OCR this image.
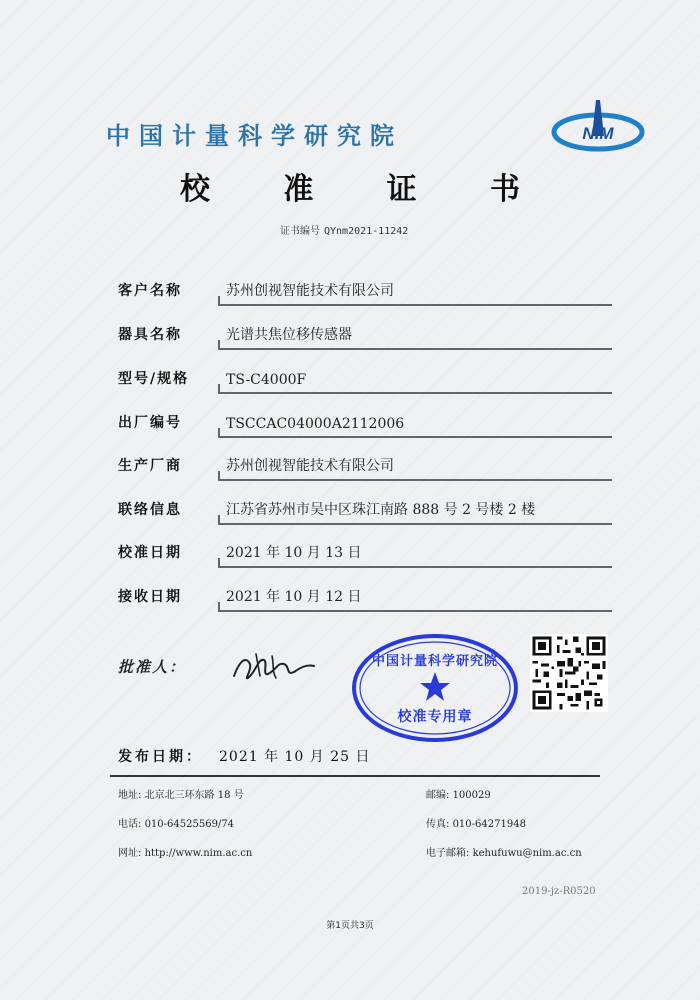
中国计量科学研究院	NIM
校 准 证 书
证书编号 QYnm2021-11242
客户名称	苏州创视智能技术有限公司
器具名称	光谱共焦位移传感器
型号/规格	TS-C4000F
出厂编号	TSCCAC04000A2112006
生产厂商	苏州创视智能技术有限公司
联络信息	江苏省苏州市吴中区珠江南路 888 号 2 号楼 2 楼
校准日期	2021 年 10 月 13 日
接收日期	2021 年 10 月 12 日
批准人：	中国计量科学研究院
校准专用章
发布日期： 2021 年 10 月 25 日
地址: 北京北三环东路 18 号	邮编: 100029
电话: 010-64525569/74	传真: 010-64271948
网址: http://www.nim.ac.cn	电子邮箱: kehufuwu@nim.ac.cn
2019-jz-R0520
第1页共3页
